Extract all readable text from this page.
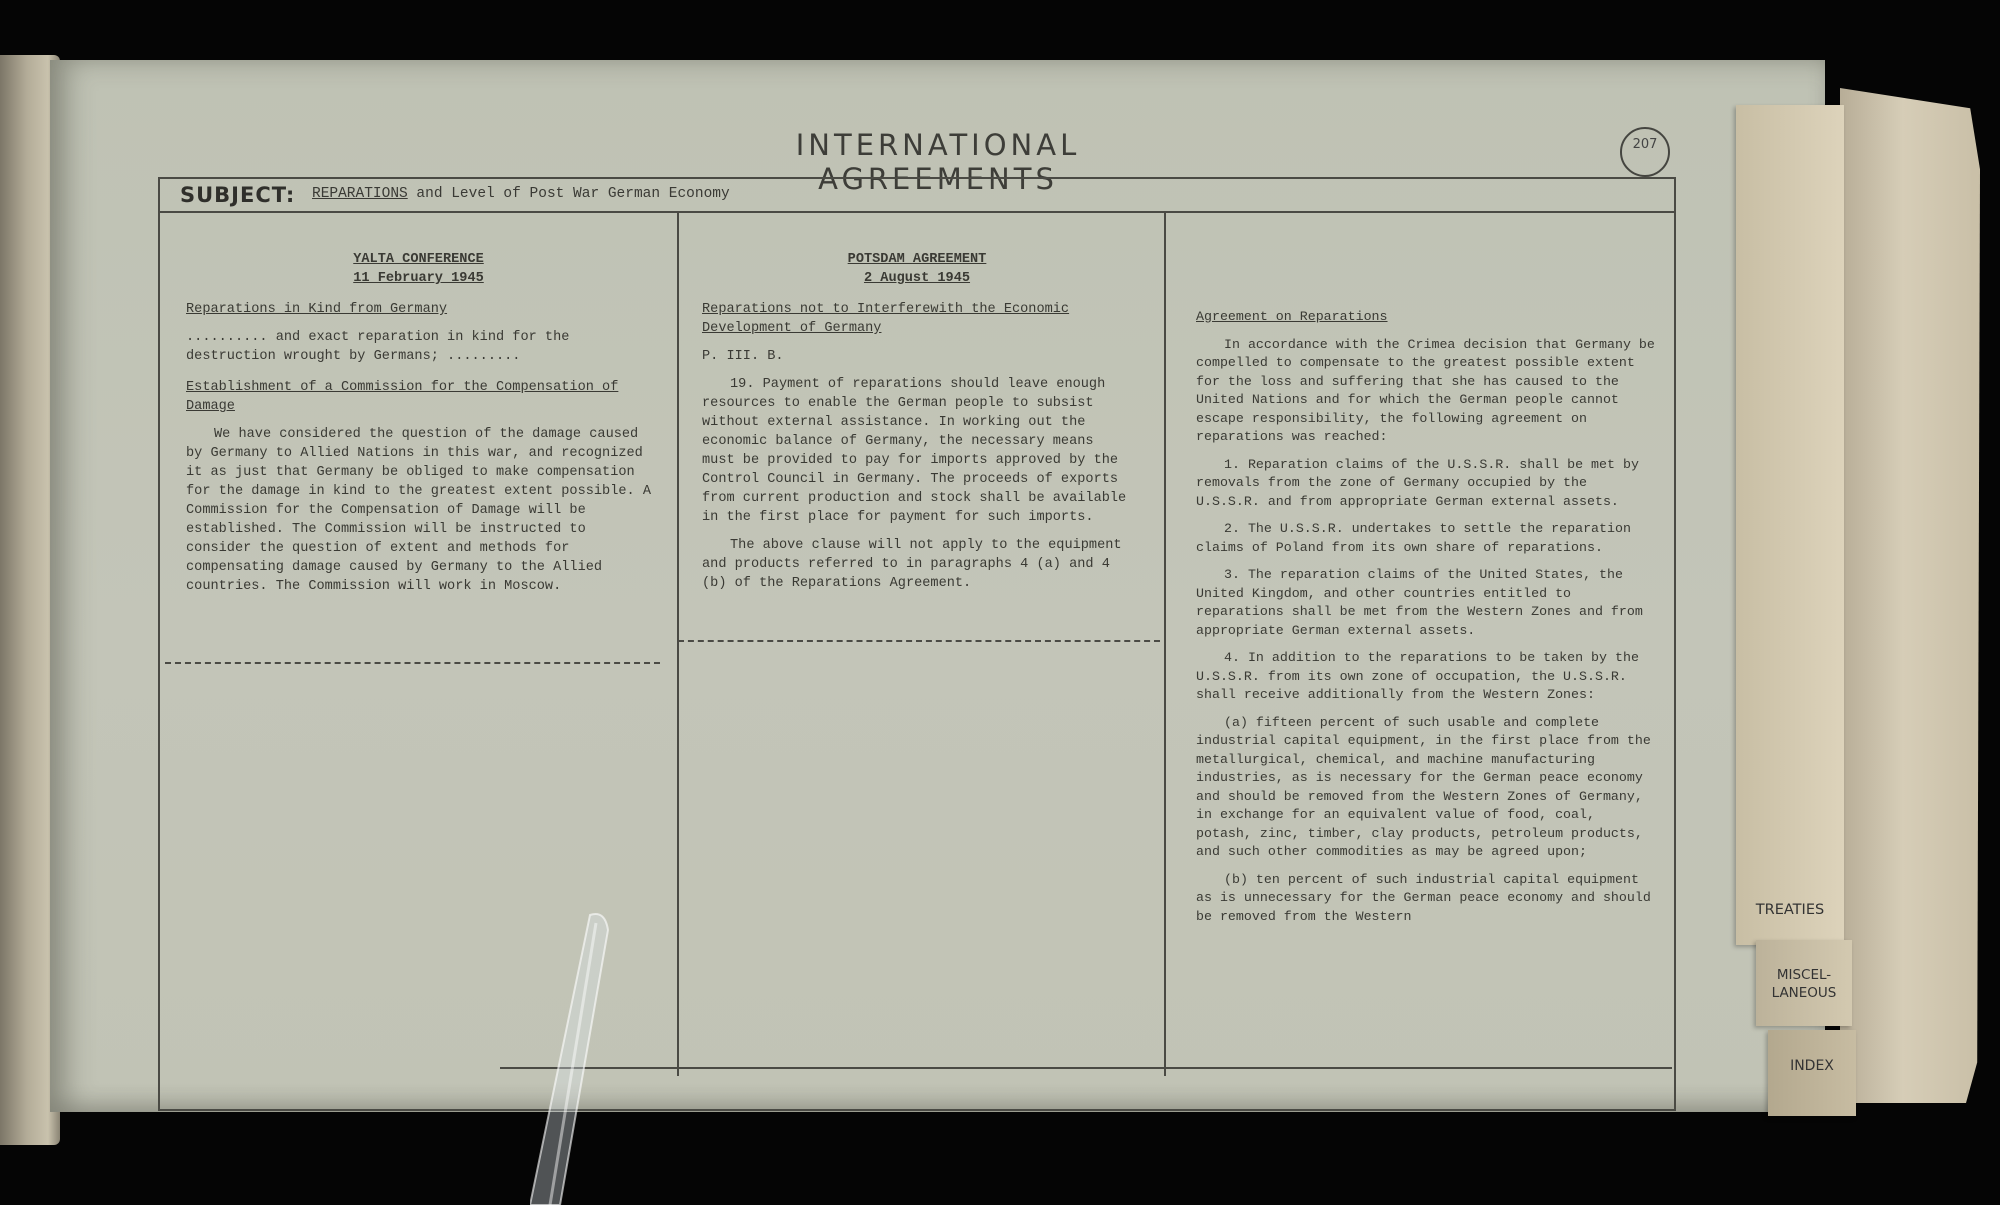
INTERNATIONAL AGREEMENTS
207
SUBJECT: REPARATIONS and Level of Post War German Economy

YALTA CONFERENCE

11 February 1945

Reparations in Kind from Germany

.......... and exact reparation in kind for the destruction wrought by Germans; .........

Establishment of a Commission for the Compensation of Damage

We have considered the question of the damage caused by Germany to Allied Nations in this war, and recognized it as just that Germany be obliged to make compensation for the damage in kind to the greatest extent possible. A Commission for the Compensation of Damage will be established. The Commission will be instructed to consider the question of extent and methods for compensating damage caused by Germany to the Allied countries. The Commission will work in Moscow.

POTSDAM AGREEMENT

2 August 1945

Reparations not to Interferewith the Economic Development of Germany

P. III. B.

19. Payment of reparations should leave enough resources to enable the German people to subsist without external assistance. In working out the economic balance of Germany, the necessary means must be provided to pay for imports approved by the Control Council in Germany. The proceeds of exports from current production and stock shall be available in the first place for payment for such imports.

The above clause will not apply to the equipment and products referred to in paragraphs 4 (a) and 4 (b) of the Reparations Agreement.

Agreement on Reparations

In accordance with the Crimea decision that Germany be compelled to compensate to the greatest possible extent for the loss and suffering that she has caused to the United Nations and for which the German people cannot escape responsibility, the following agreement on reparations was reached:

1. Reparation claims of the U.S.S.R. shall be met by removals from the zone of Germany occupied by the U.S.S.R. and from appropriate German external assets.

2. The U.S.S.R. undertakes to settle the reparation claims of Poland from its own share of reparations.

3. The reparation claims of the United States, the United Kingdom, and other countries entitled to reparations shall be met from the Western Zones and from appropriate German external assets.

4. In addition to the reparations to be taken by the U.S.S.R. from its own zone of occupation, the U.S.S.R. shall receive additionally from the Western Zones:

(a) fifteen percent of such usable and complete industrial capital equipment, in the first place from the metallurgical, chemical, and machine manufacturing industries, as is necessary for the German peace economy and should be removed from the Western Zones of Germany, in exchange for an equivalent value of food, coal, potash, zinc, timber, clay products, petroleum products, and such other commodities as may be agreed upon;

(b) ten percent of such industrial capital equipment as is unnecessary for the German peace economy and should be removed from the Western	TREATIES
MISCEL-
LANEOUS
INDEX
